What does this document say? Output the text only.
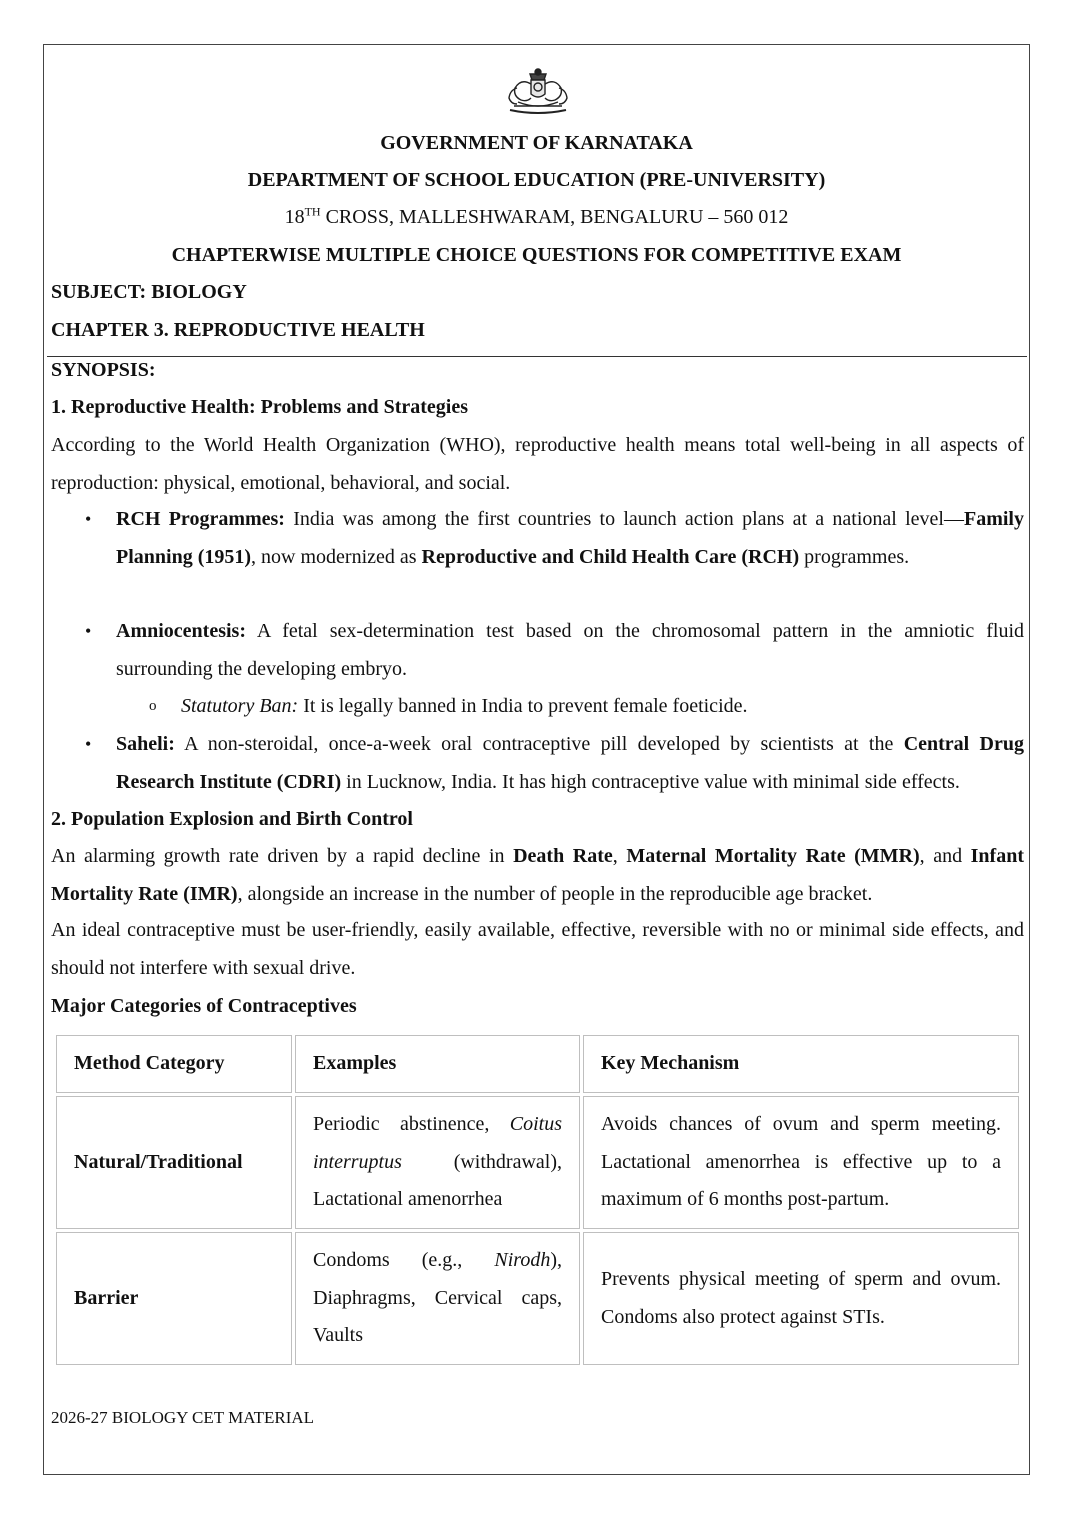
GOVERNMENT OF KARNATAKA
DEPARTMENT OF SCHOOL EDUCATION (PRE-UNIVERSITY)
18TH CROSS, MALLESHWARAM, BENGALURU – 560 012
CHAPTERWISE MULTIPLE CHOICE QUESTIONS FOR COMPETITIVE EXAM
SUBJECT: BIOLOGY
CHAPTER 3. REPRODUCTIVE HEALTH
SYNOPSIS:
1. Reproductive Health: Problems and Strategies
According to the World Health Organization (WHO), reproductive health means total well-being in all aspects of reproduction: physical, emotional, behavioral, and social.
• RCH Programmes: India was among the first countries to launch action plans at a national level—Family Planning (1951), now modernized as Reproductive and Child Health Care (RCH) programmes.
• Amniocentesis: A fetal sex-determination test based on the chromosomal pattern in the amniotic fluid surrounding the developing embryo.
o Statutory Ban: It is legally banned in India to prevent female foeticide.
• Saheli: A non-steroidal, once-a-week oral contraceptive pill developed by scientists at the Central Drug Research Institute (CDRI) in Lucknow, India. It has high contraceptive value with minimal side effects.
2. Population Explosion and Birth Control
An alarming growth rate driven by a rapid decline in Death Rate, Maternal Mortality Rate (MMR), and Infant Mortality Rate (IMR), alongside an increase in the number of people in the reproducible age bracket.
An ideal contraceptive must be user-friendly, easily available, effective, reversible with no or minimal side effects, and should not interfere with sexual drive.
Major Categories of Contraceptives
Method Category	Examples	Key Mechanism
Natural/Traditional	Periodic abstinence, Coitus interruptus (withdrawal), Lactational amenorrhea	Avoids chances of ovum and sperm meeting. Lactational amenorrhea is effective up to a maximum of 6 months post-partum.
Barrier	Condoms (e.g., Nirodh), Diaphragms, Cervical caps, Vaults	Prevents physical meeting of sperm and ovum. Condoms also protect against STIs.
2026-27 BIOLOGY CET MATERIAL
